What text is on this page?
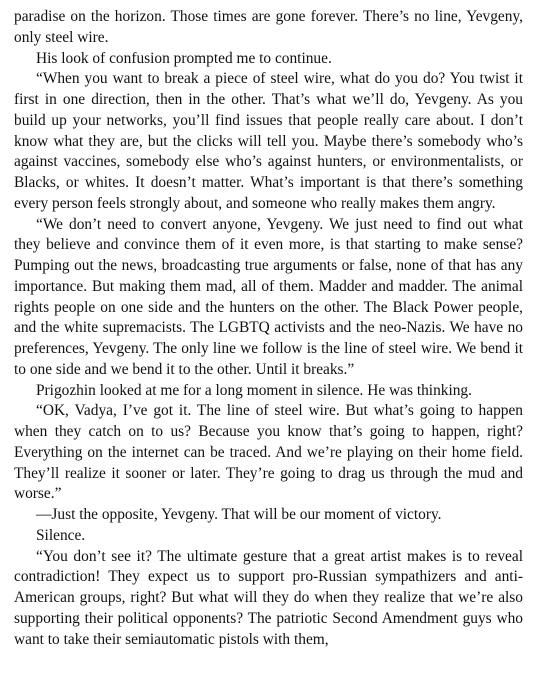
paradise on the horizon. Those times are gone forever. There’s no line, Yevgeny, only steel wire.

His look of confusion prompted me to continue.

“When you want to break a piece of steel wire, what do you do? You twist it first in one direction, then in the other. That’s what we’ll do, Yevgeny. As you build up your networks, you’ll find issues that people really care about. I don’t know what they are, but the clicks will tell you. Maybe there’s somebody who’s against vaccines, somebody else who’s against hunters, or environmentalists, or Blacks, or whites. It doesn’t matter. What’s important is that there’s something every person feels strongly about, and someone who really makes them angry.

“We don’t need to convert anyone, Yevgeny. We just need to find out what they believe and convince them of it even more, is that starting to make sense? Pumping out the news, broadcasting true arguments or false, none of that has any importance. But making them mad, all of them. Madder and madder. The animal rights people on one side and the hunters on the other. The Black Power people, and the white supremacists. The LGBTQ activists and the neo-Nazis. We have no preferences, Yevgeny. The only line we follow is the line of steel wire. We bend it to one side and we bend it to the other. Until it breaks.”

Prigozhin looked at me for a long moment in silence. He was thinking.

“OK, Vadya, I’ve got it. The line of steel wire. But what’s going to happen when they catch on to us? Because you know that’s going to happen, right? Everything on the internet can be traced. And we’re playing on their home field. They’ll realize it sooner or later. They’re going to drag us through the mud and worse.”

—Just the opposite, Yevgeny. That will be our moment of victory.

Silence.

“You don’t see it? The ultimate gesture that a great artist makes is to reveal contradiction! They expect us to support pro-Russian sympathizers and anti-American groups, right? But what will they do when they realize that we’re also supporting their political opponents? The patriotic Second Amendment guys who want to take their semiautomatic pistols with them,
